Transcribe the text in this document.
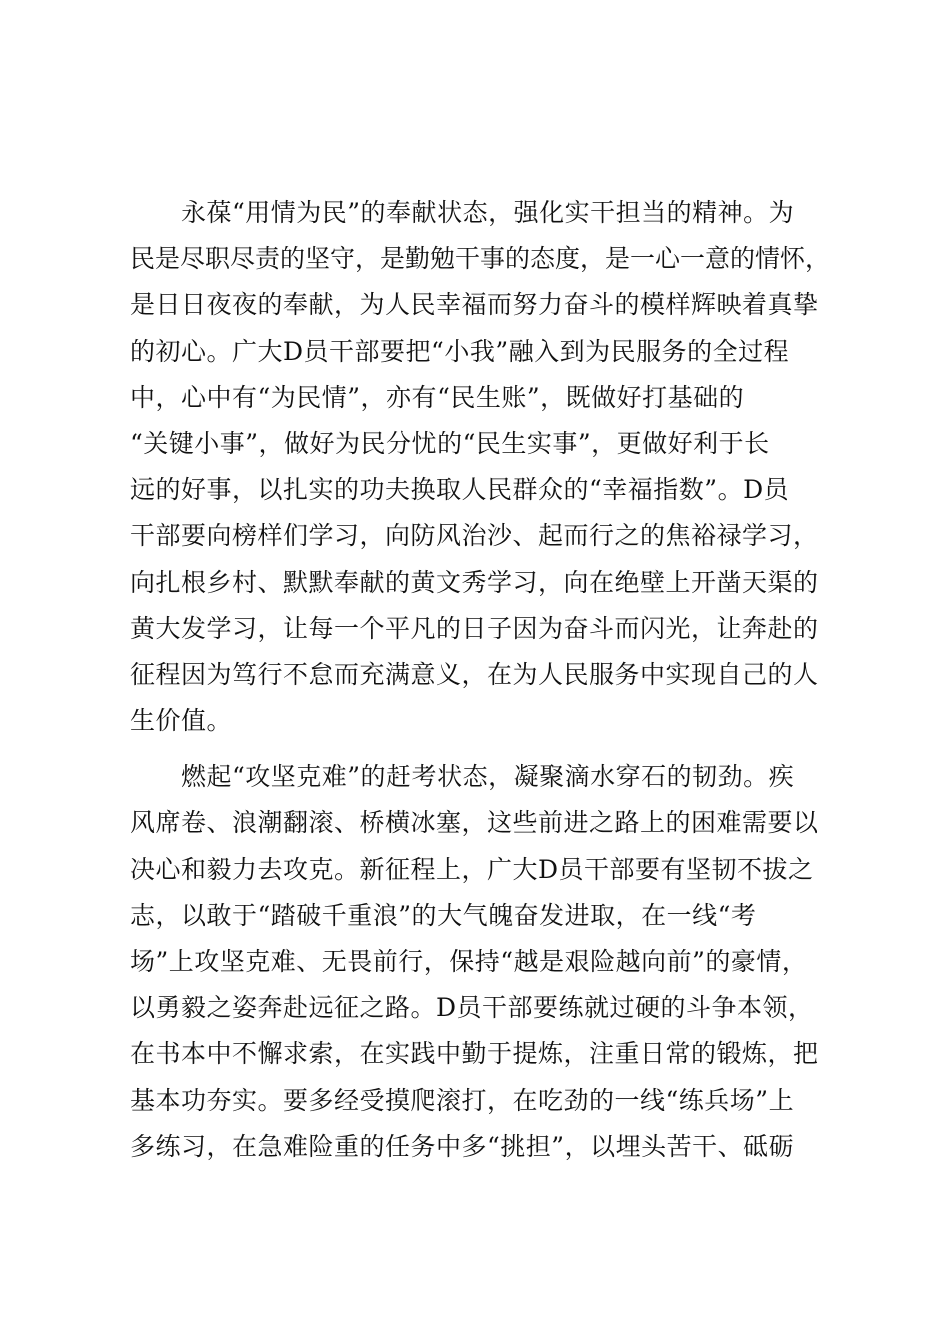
　　永葆“用情为民”的奉献状态，强化实干担当的精神。为
民是尽职尽责的坚守，是勤勉干事的态度，是一心一意的情怀，
是日日夜夜的奉献，为人民幸福而努力奋斗的模样辉映着真挚
的初心。广大D员干部要把“小我”融入到为民服务的全过程
中，心中有“为民情”，亦有“民生账”，既做好打基础的
“关键小事”，做好为民分忧的“民生实事”，更做好利于长
远的好事，以扎实的功夫换取人民群众的“幸福指数”。D员
干部要向榜样们学习，向防风治沙、起而行之的焦裕禄学习，
向扎根乡村、默默奉献的黄文秀学习，向在绝壁上开凿天渠的
黄大发学习，让每一个平凡的日子因为奋斗而闪光，让奔赴的
征程因为笃行不怠而充满意义，在为人民服务中实现自己的人
生价值。
　　燃起“攻坚克难”的赶考状态，凝聚滴水穿石的韧劲。疾
风席卷、浪潮翻滚、桥横冰塞，这些前进之路上的困难需要以
决心和毅力去攻克。新征程上，广大D员干部要有坚韧不拔之
志，以敢于“踏破千重浪”的大气魄奋发进取，在一线“考
场”上攻坚克难、无畏前行，保持“越是艰险越向前”的豪情，
以勇毅之姿奔赴远征之路。D员干部要练就过硬的斗争本领，
在书本中不懈求索，在实践中勤于提炼，注重日常的锻炼，把
基本功夯实。要多经受摸爬滚打，在吃劲的一线“练兵场”上
多练习，在急难险重的任务中多“挑担”，以埋头苦干、砥砺
